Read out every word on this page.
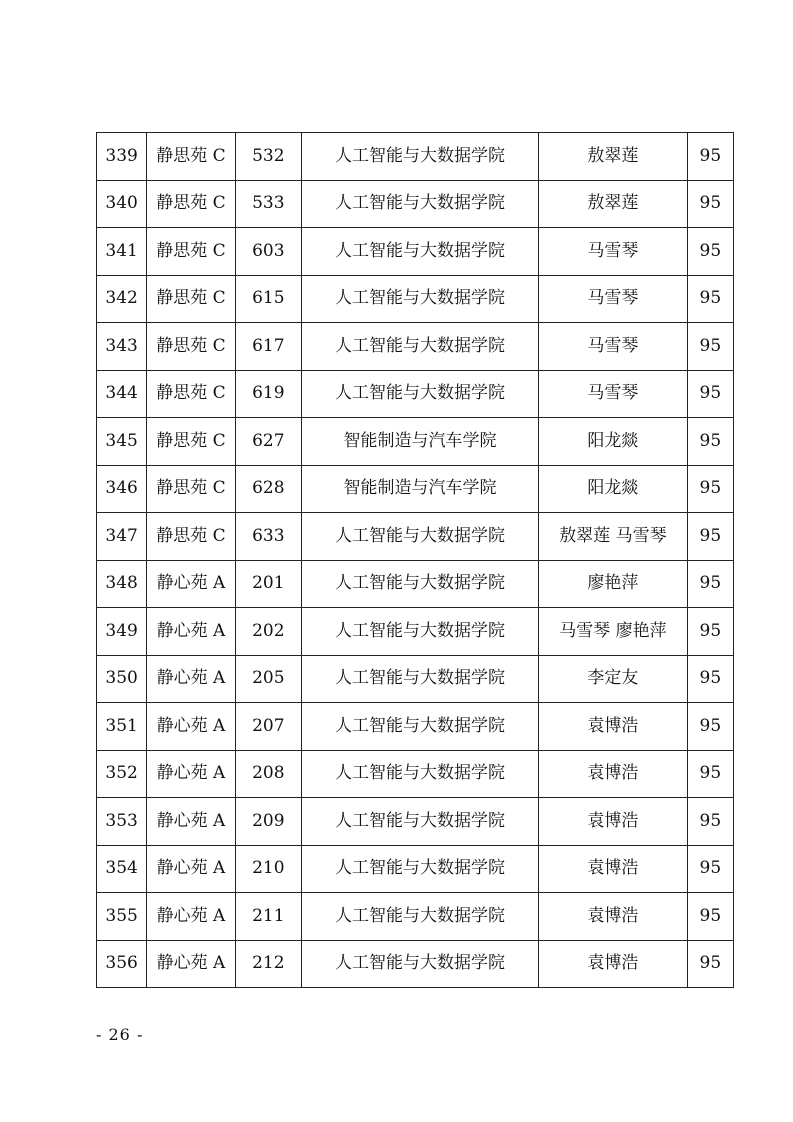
339	静思苑 C	532	人工智能与大数据学院	敖翠莲	95
340	静思苑 C	533	人工智能与大数据学院	敖翠莲	95
341	静思苑 C	603	人工智能与大数据学院	马雪琴	95
342	静思苑 C	615	人工智能与大数据学院	马雪琴	95
343	静思苑 C	617	人工智能与大数据学院	马雪琴	95
344	静思苑 C	619	人工智能与大数据学院	马雪琴	95
345	静思苑 C	627	智能制造与汽车学院	阳龙燚	95
346	静思苑 C	628	智能制造与汽车学院	阳龙燚	95
347	静思苑 C	633	人工智能与大数据学院	敖翠莲 马雪琴	95
348	静心苑 A	201	人工智能与大数据学院	廖艳萍	95
349	静心苑 A	202	人工智能与大数据学院	马雪琴 廖艳萍	95
350	静心苑 A	205	人工智能与大数据学院	李定友	95
351	静心苑 A	207	人工智能与大数据学院	袁博浩	95
352	静心苑 A	208	人工智能与大数据学院	袁博浩	95
353	静心苑 A	209	人工智能与大数据学院	袁博浩	95
354	静心苑 A	210	人工智能与大数据学院	袁博浩	95
355	静心苑 A	211	人工智能与大数据学院	袁博浩	95
356	静心苑 A	212	人工智能与大数据学院	袁博浩	95
- 26 -
